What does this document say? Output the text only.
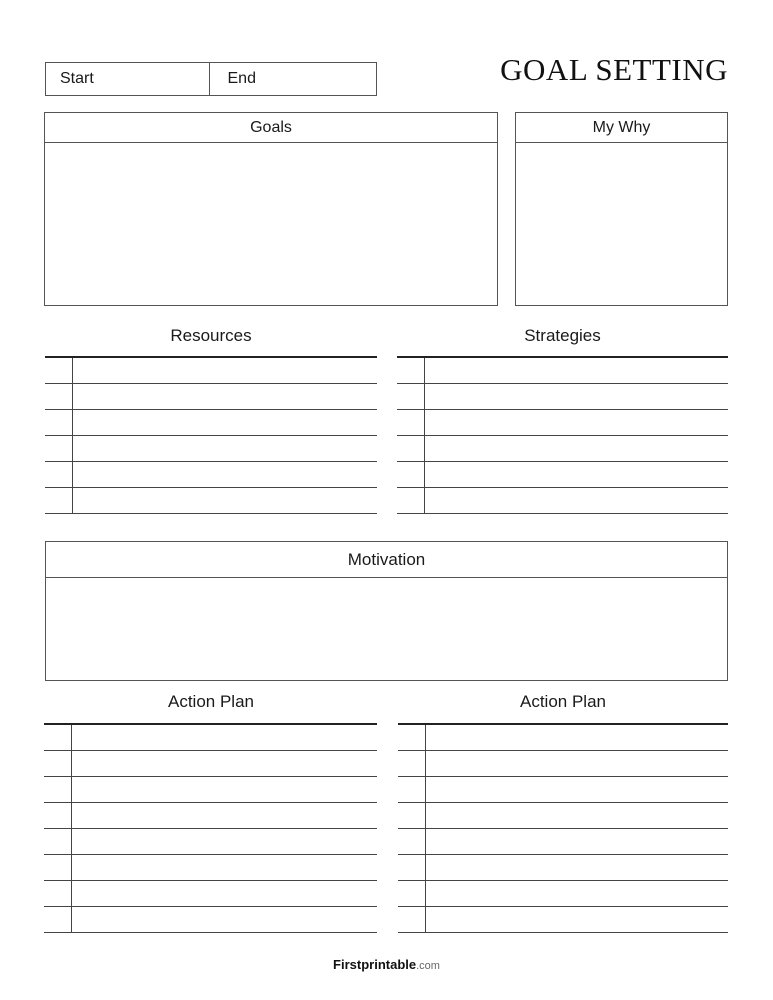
Start	End	GOAL SETTING
Goals	My Why
Resources	Strategies
Motivation
Action Plan	Action Plan
Firstprintable.com
